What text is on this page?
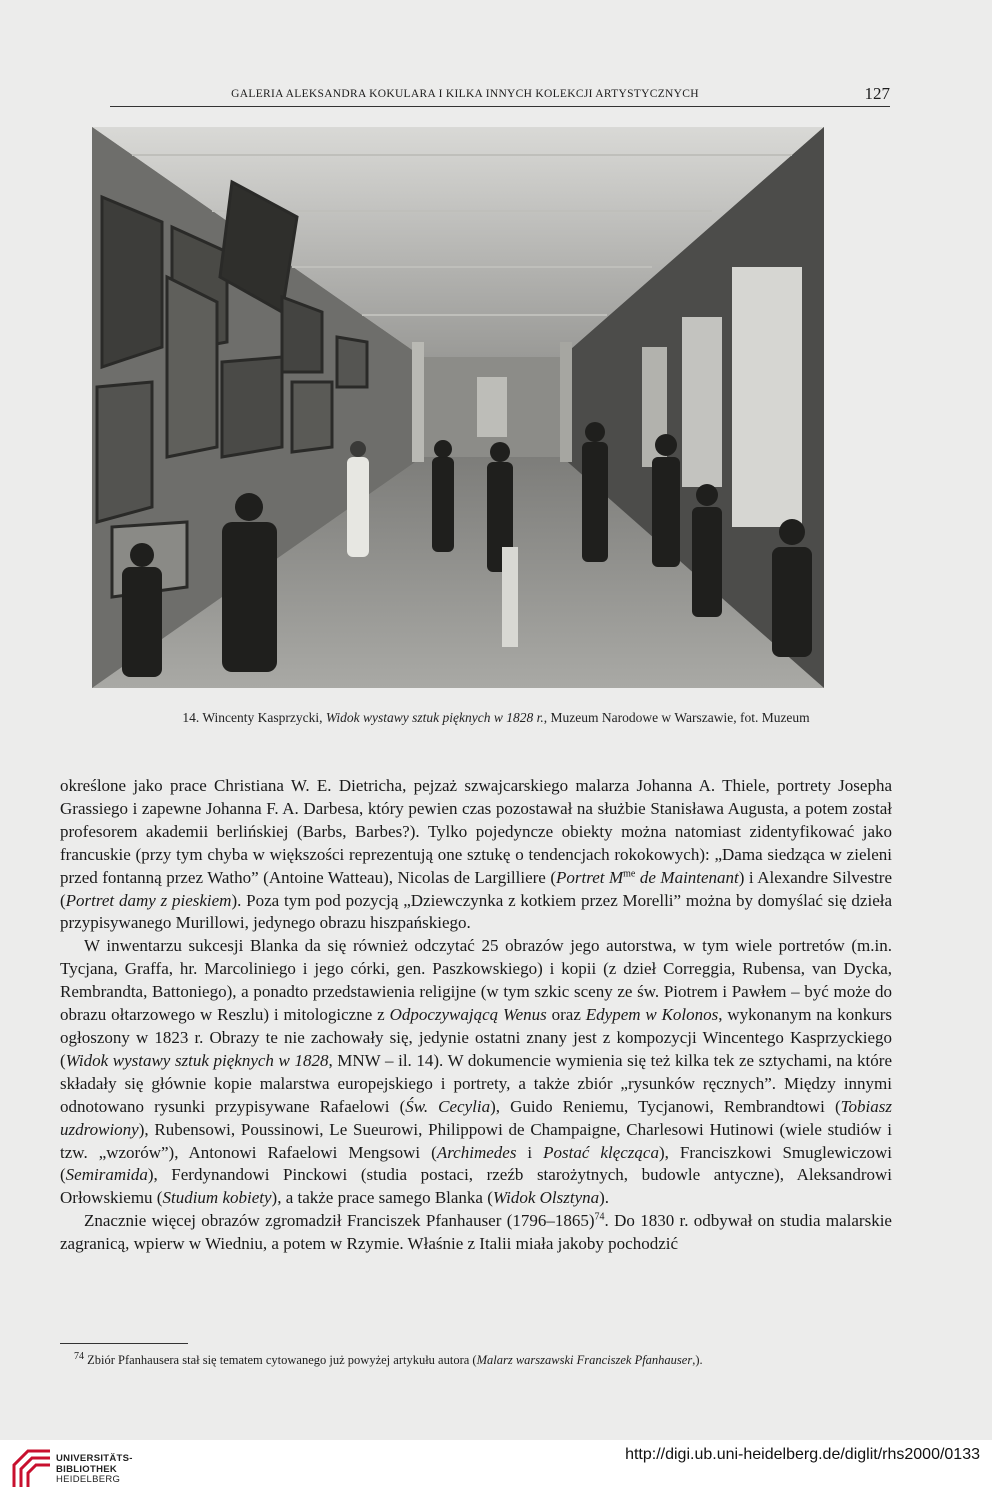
GALERIA ALEKSANDRA KOKULARA I KILKA INNYCH KOLEKCJI ARTYSTYCZNYCH	127
14. Wincenty Kasprzycki, Widok wystawy sztuk pięknych w 1828 r., Muzeum Narodowe w Warszawie, fot. Muzeum

określone jako prace Christiana W. E. Dietricha, pejzaż szwajcarskiego malarza Johanna A. Thiele, portrety Josepha Grassiego i zapewne Johanna F. A. Darbesa, który pewien czas pozostawał na służbie Stanisława Augusta, a potem został profesorem akademii berlińskiej (Barbs, Barbes?). Tylko pojedyncze obiekty można natomiast zidentyfikować jako francuskie (przy tym chyba w większości reprezentują one sztukę o tendencjach rokokowych): „Dama siedząca w zieleni przed fontanną przez Watho” (Antoine Watteau), Nicolas de Largilliere (Portret $M^{me}$ de Maintenant) i Alexandre Silvestre (Portret damy z pieskiem). Poza tym pod pozycją „Dziewczynka z kotkiem przez Morelli” można by domyślać się dzieła przypisywanego Murillowi, jedynego obrazu hiszpańskiego.

W inwentarzu sukcesji Blanka da się również odczytać 25 obrazów jego autorstwa, w tym wiele portretów (m.in. Tycjana, Graffa, hr. Marcoliniego i jego córki, gen. Paszkowskiego) i kopii (z dzieł Correggia, Rubensa, van Dycka, Rembrandta, Battoniego), a ponadto przedstawienia religijne (w tym szkic sceny ze św. Piotrem i Pawłem – być może do obrazu ołtarzowego w Reszlu) i mitologiczne z Odpoczywającą Wenus oraz Edypem w Kolonos, wykonanym na konkurs ogłoszony w 1823 r. Obrazy te nie zachowały się, jedynie ostatni znany jest z kompozycji Wincentego Kasprzyckiego (Widok wystawy sztuk pięknych w 1828, MNW – il. 14). W dokumencie wymienia się też kilka tek ze sztychami, na które składały się głównie kopie malarstwa europejskiego i portrety, a także zbiór „rysunków ręcznych”. Między innymi odnotowano rysunki przypisywane Rafaelowi (Św. Cecylia), Guido Reniemu, Tycjanowi, Rembrandtowi (Tobiasz uzdrowiony), Rubensowi, Poussinowi, Le Sueurowi, Philippowi de Champaigne, Charlesowi Hutinowi (wiele studiów i tzw. „wzorów”), Antonowi Rafaelowi Mengsowi (Archimedes i Postać klęcząca), Franciszkowi Smuglewiczowi (Semiramida), Ferdynandowi Pinckowi (studia postaci, rzeźb starożytnych, budowle antyczne), Aleksandrowi Orłowskiemu (Studium kobiety), a także prace samego Blanka (Widok Olsztyna).

Znacznie więcej obrazów zgromadził Franciszek Pfanhauser (1796–1865)$^{74}$. Do 1830 r. odbywał on studia malarskie zagranicą, wpierw w Wiedniu, a potem w Rzymie. Właśnie z Italii miała jakoby pochodzić

$^{74}$ Zbiór Pfanhausera stał się tematem cytowanego już powyżej artykułu autora (Malarz warszawski Franciszek Pfanhauser,).
UNIVERSITÄTS-
BIBLIOTHEK
HEIDELBERG
http://digi.ub.uni-heidelberg.de/diglit/rhs2000/0133
